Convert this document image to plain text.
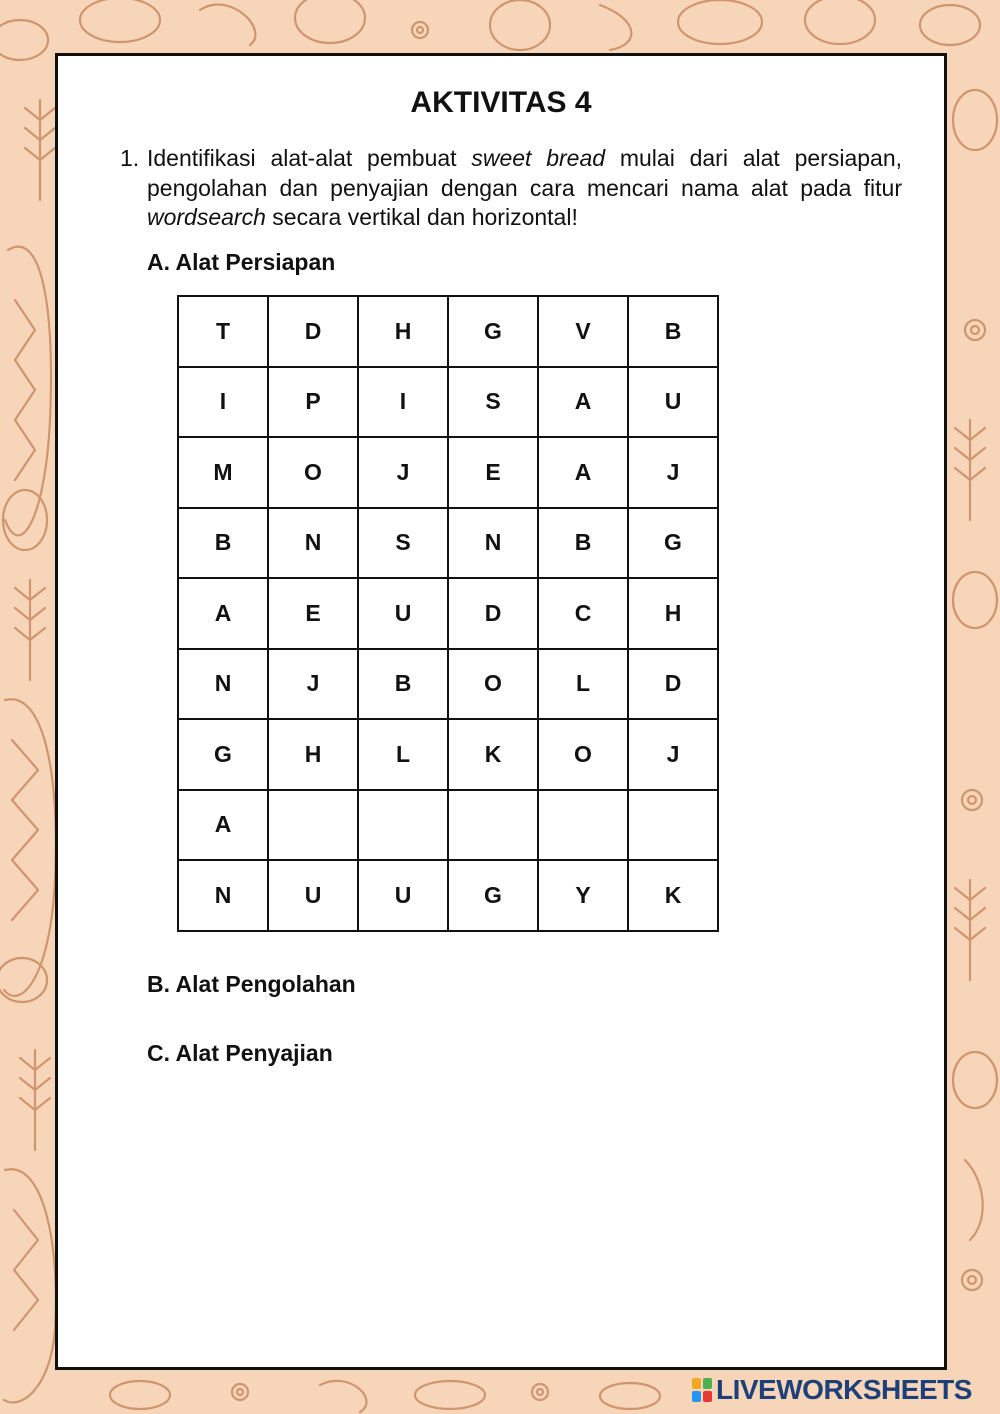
AKTIVITAS 4
1. Identifikasi alat-alat pembuat sweet bread mulai dari alat persiapan, pengolahan dan penyajian dengan cara mencari nama alat pada fitur wordsearch secara vertikal dan horizontal!
A. Alat Persiapan
T	D	H	G	V	B
I	P	I	S	A	U
M	O	J	E	A	J
B	N	S	N	B	G
A	E	U	D	C	H
N	J	B	O	L	D
G	H	L	K	O	J
A
N	U	U	G	Y	K
B. Alat Pengolahan
C. Alat Penyajian
LIVEWORKSHEETS
